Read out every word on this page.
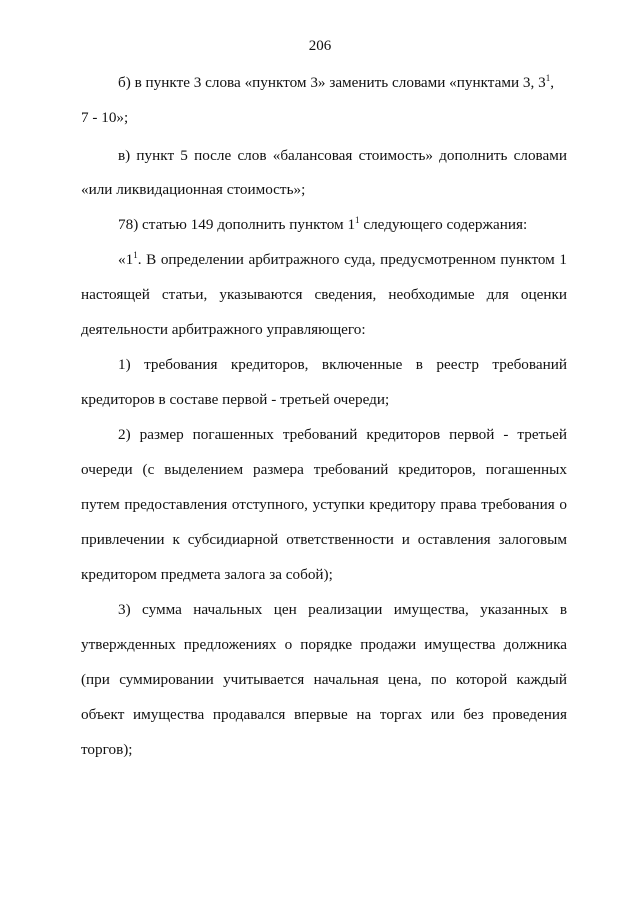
206
б) в пункте 3 слова «пунктом 3» заменить словами «пунктами 3, $3^1$,
7 - 10»;
в) пункт 5 после слов «балансовая стоимость» дополнить словами
«или ликвидационная стоимость»;
78) статью 149 дополнить пунктом $1^1$ следующего содержания:
«$1^1$. В определении арбитражного суда, предусмотренном пунктом 1
настоящей статьи, указываются сведения, необходимые для оценки
деятельности арбитражного управляющего:
1) требования кредиторов, включенные в реестр требований
кредиторов в составе первой - третьей очереди;
2) размер погашенных требований кредиторов первой - третьей
очереди (с выделением размера требований кредиторов, погашенных
путем предоставления отступного, уступки кредитору права требования о
привлечении к субсидиарной ответственности и оставления залоговым
кредитором предмета залога за собой);
3) сумма начальных цен реализации имущества, указанных в
утвержденных предложениях о порядке продажи имущества должника
(при суммировании учитывается начальная цена, по которой каждый
объект имущества продавался впервые на торгах или без проведения
торгов);
